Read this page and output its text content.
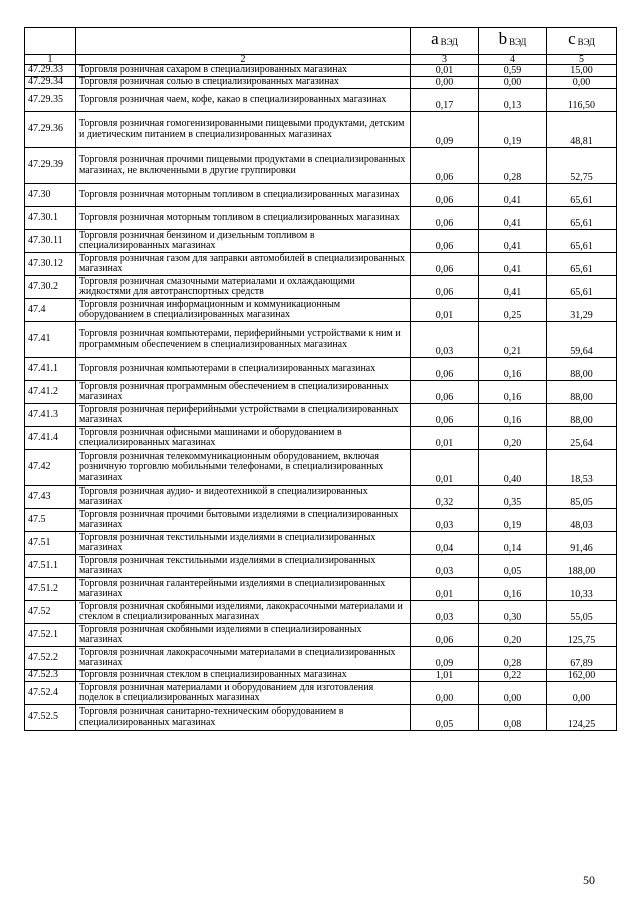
		a $_{ВЭД}$	b $_{ВЭД}$	c $_{ВЭД}$
1	2	3	4	5
47.29.33	Торговля розничная сахаром в специализированных магазинах	0,01	0,59	15,00
47.29.34	Торговля розничная солью в специализированных магазинах	0,00	0,00	0,00
47.29.35	Торговля розничная чаем, кофе, какао в специализированных магазинах	0,17	0,13	116,50
47.29.36	Торговля розничная гомогенизированными пищевыми продуктами, детским и диетическим питанием в специализированных магазинах	0,09	0,19	48,81
47.29.39	Торговля розничная прочими пищевыми продуктами в специализированных магазинах, не включенными в другие группировки	0,06	0,28	52,75
47.30	Торговля розничная моторным топливом в специализированных магазинах	0,06	0,41	65,61
47.30.1	Торговля розничная моторным топливом в специализированных магазинах	0,06	0,41	65,61
47.30.11	Торговля розничная бензином и дизельным топливом в специализированных магазинах	0,06	0,41	65,61
47.30.12	Торговля розничная газом для заправки автомобилей в специализированных магазинах	0,06	0,41	65,61
47.30.2	Торговля розничная смазочными материалами и охлаждающими жидкостями для автотранспортных средств	0,06	0,41	65,61
47.4	Торговля розничная информационным и коммуникационным оборудованием в специализированных магазинах	0,01	0,25	31,29
47.41	Торговля розничная компьютерами, периферийными устройствами к ним и программным обеспечением в специализированных магазинах	0,03	0,21	59,64
47.41.1	Торговля розничная компьютерами в специализированных магазинах	0,06	0,16	88,00
47.41.2	Торговля розничная программным обеспечением в специализированных магазинах	0,06	0,16	88,00
47.41.3	Торговля розничная периферийными устройствами в специализированных магазинах	0,06	0,16	88,00
47.41.4	Торговля розничная офисными машинами и оборудованием в специализированных магазинах	0,01	0,20	25,64
47.42	Торговля розничная телекоммуникационным оборудованием, включая розничную торговлю мобильными телефонами, в специализированных магазинах	0,01	0,40	18,53
47.43	Торговля розничная аудио- и видеотехникой в специализированных магазинах	0,32	0,35	85,05
47.5	Торговля розничная прочими бытовыми изделиями в специализированных магазинах	0,03	0,19	48,03
47.51	Торговля розничная текстильными изделиями в специализированных магазинах	0,04	0,14	91,46
47.51.1	Торговля розничная текстильными изделиями в специализированных магазинах	0,03	0,05	188,00
47.51.2	Торговля розничная галантерейными изделиями в специализированных магазинах	0,01	0,16	10,33
47.52	Торговля розничная скобяными изделиями, лакокрасочными материалами и стеклом в специализированных магазинах	0,03	0,30	55,05
47.52.1	Торговля розничная скобяными изделиями в специализированных магазинах	0,06	0,20	125,75
47.52.2	Торговля розничная лакокрасочными материалами в специализированных магазинах	0,09	0,28	67,89
47.52.3	Торговля розничная стеклом в специализированных магазинах	1,01	0,22	162,00
47.52.4	Торговля розничная материалами и оборудованием для изготовления поделок в специализированных магазинах	0,00	0,00	0,00
47.52.5	Торговля розничная санитарно-техническим оборудованием в специализированных магазинах	0,05	0,08	124,25
50
